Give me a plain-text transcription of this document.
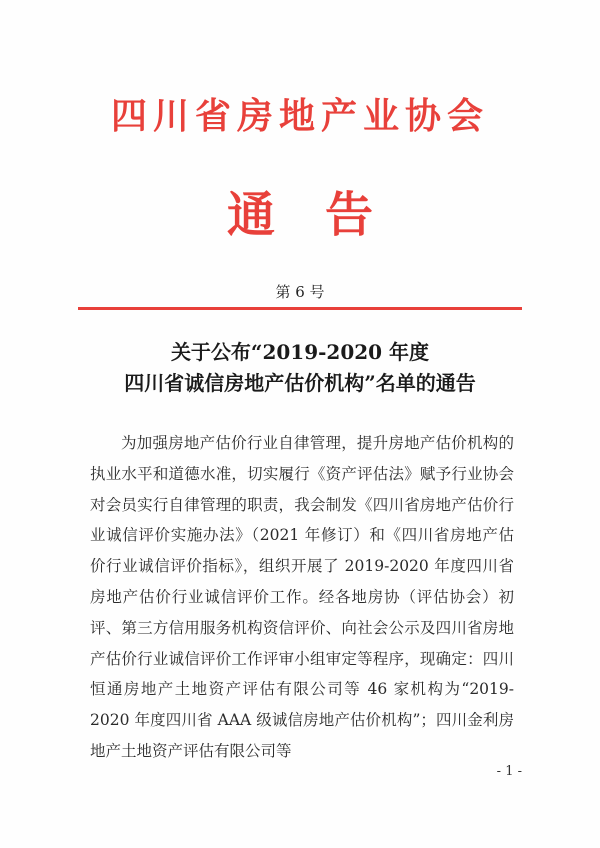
四川省房地产业协会
通告
第 6 号
关于公布“2019-2020 年度
四川省诚信房地产估价机构”名单的通告

为加强房地产估价行业自律管理，提升房地产估价机构的执业水平和道德水准，切实履行《资产评估法》赋予行业协会对会员实行自律管理的职责，我会制发《四川省房地产估价行业诚信评价实施办法》（2021 年修订）和《四川省房地产估价行业诚信评价指标》，组织开展了 2019-2020 年度四川省房地产估价行业诚信评价工作。经各地房协（评估协会）初评、第三方信用服务机构资信评价、向社会公示及四川省房地产估价行业诚信评价工作评审小组审定等程序，现确定：四川恒通房地产土地资产评估有限公司等 46 家机构为“2019-2020 年度四川省 AAA 级诚信房地产估价机构”；四川金利房地产土地资产评估有限公司等

- 1 -
